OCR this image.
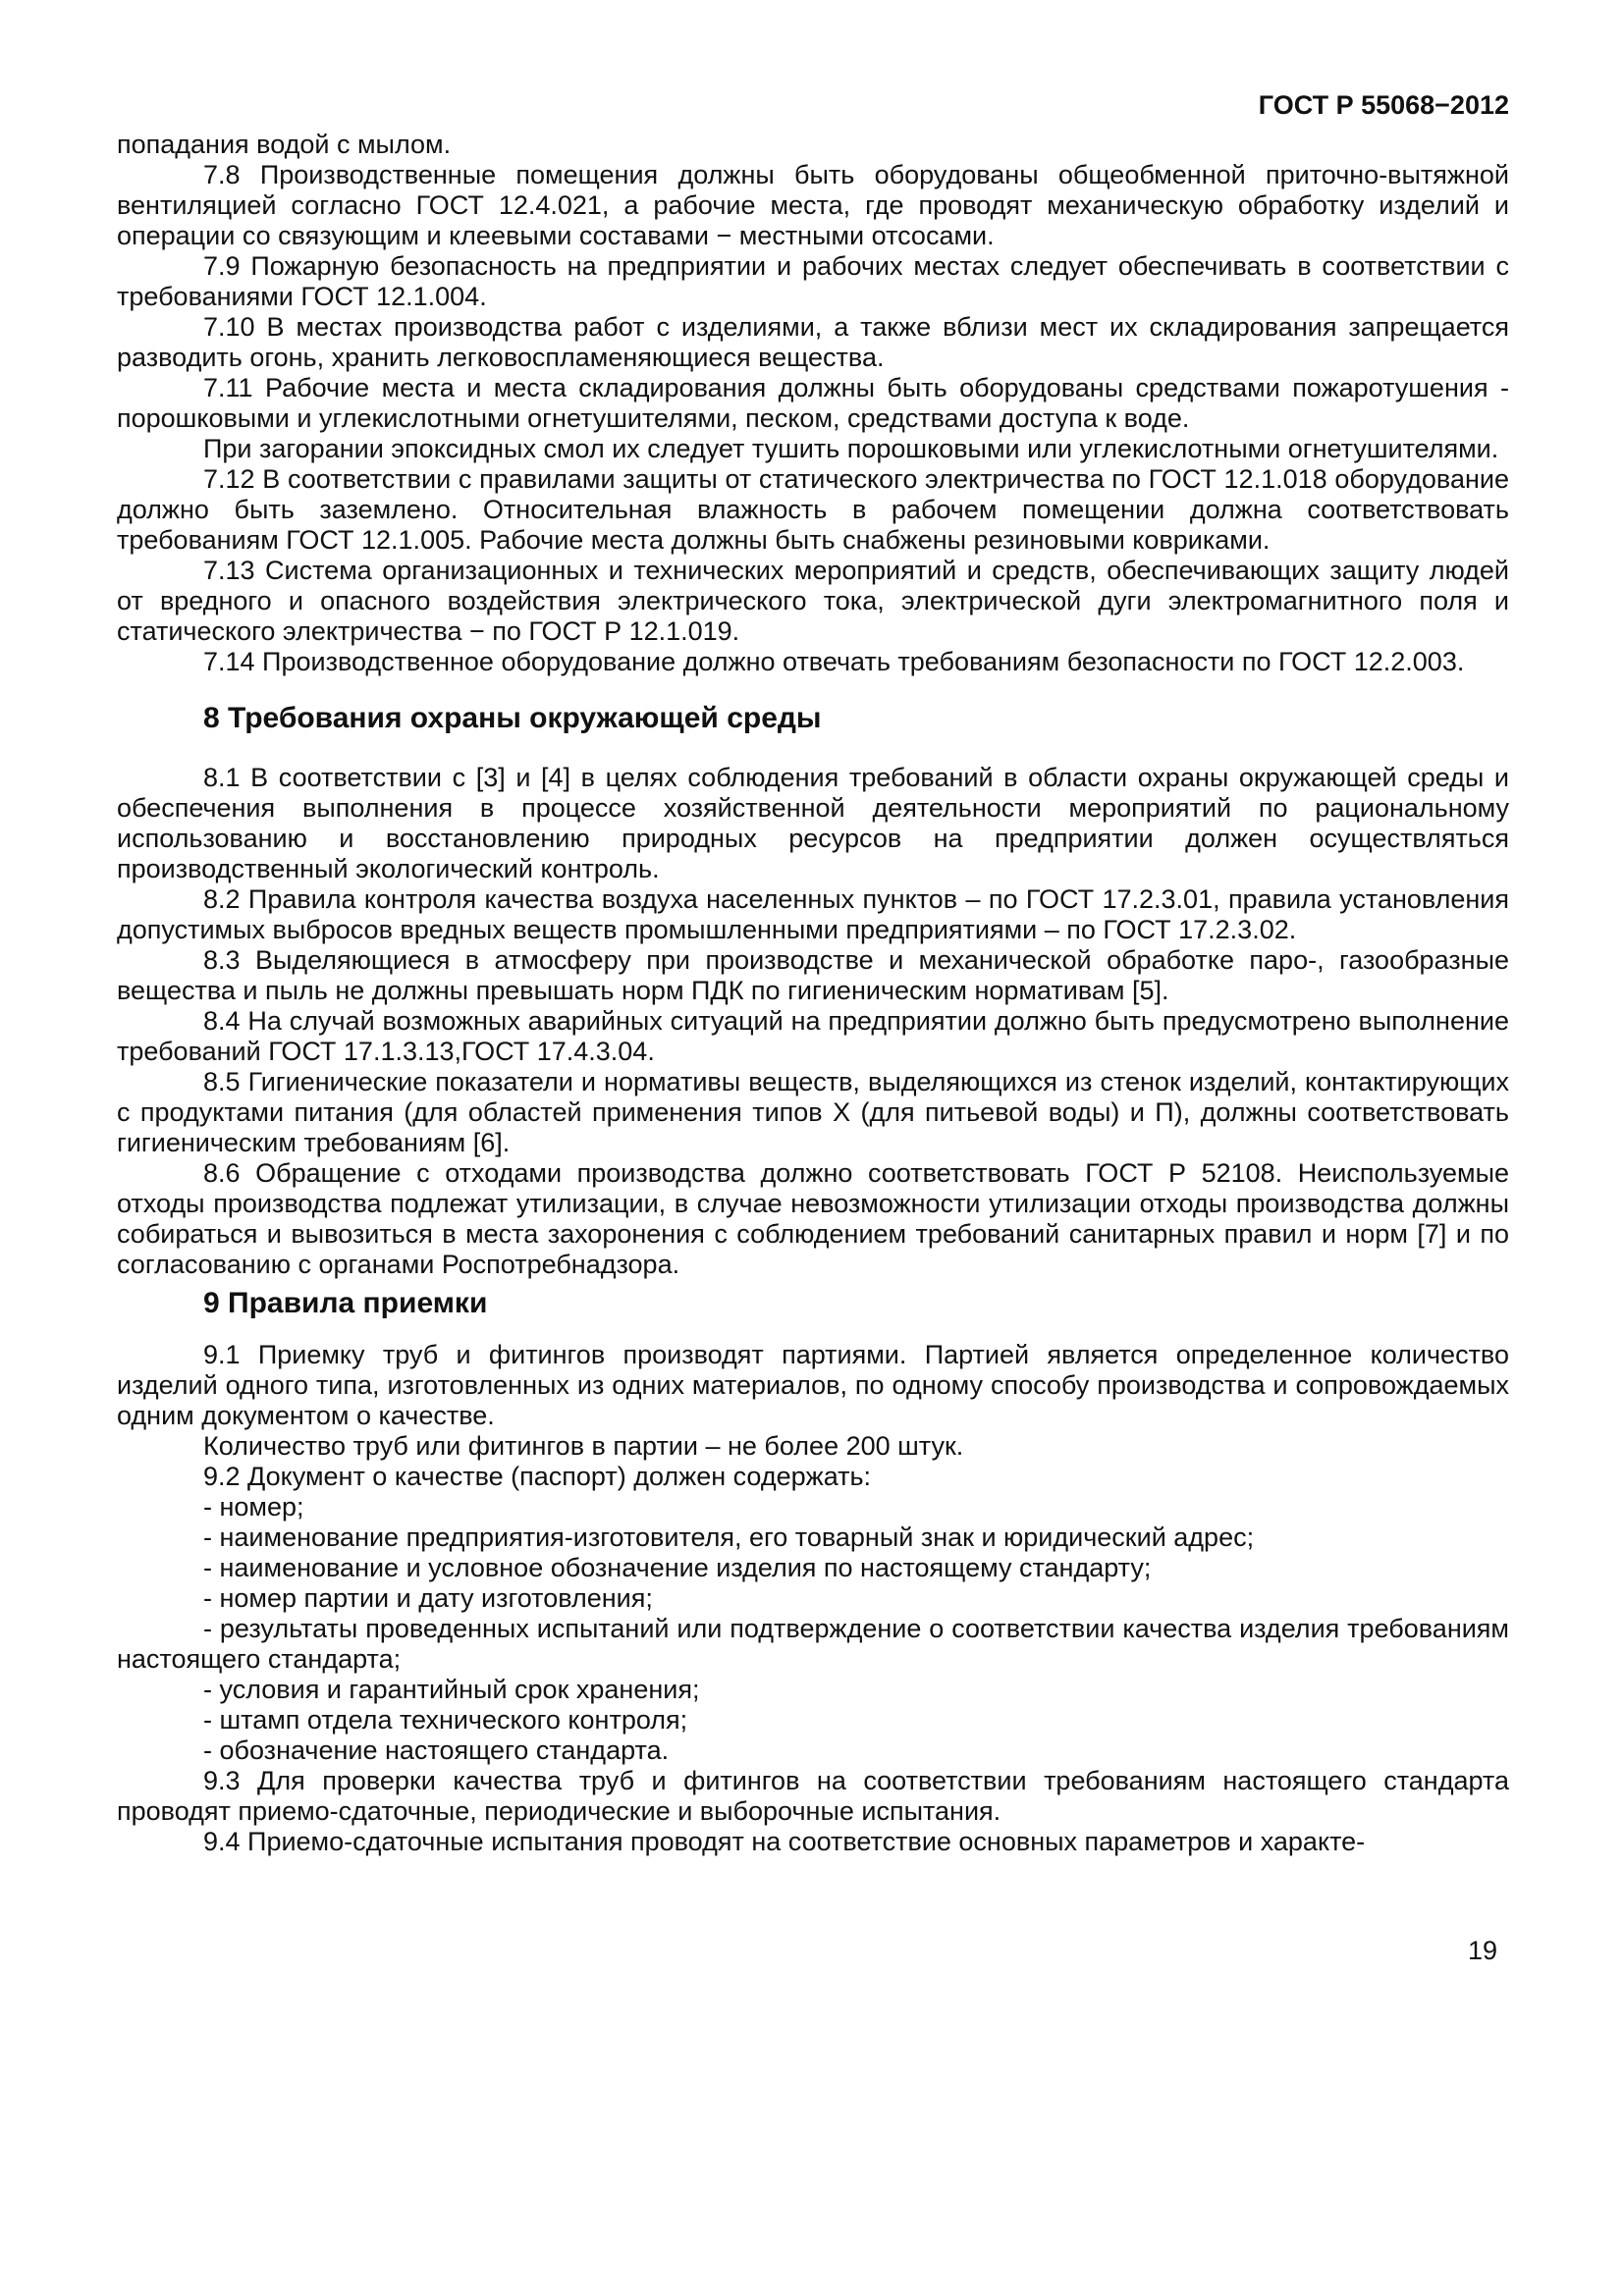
ГОСТ Р 55068−2012

попадания водой с мылом.

7.8 Производственные помещения должны быть оборудованы общеобменной приточно-вытяжной вентиляцией согласно ГОСТ 12.4.021, а рабочие места, где проводят механическую обработку изделий и операции со связующим и клеевыми составами − местными отсосами.

7.9 Пожарную безопасность на предприятии и рабочих местах следует обеспечивать в соответствии с требованиями ГОСТ 12.1.004.

7.10 В местах производства работ с изделиями, а также вблизи мест их складирования запрещается разводить огонь, хранить легковоспламеняющиеся вещества.

7.11 Рабочие места и места складирования должны быть оборудованы средствами пожаротушения - порошковыми и углекислотными огнетушителями, песком, средствами доступа к воде.

При загорании эпоксидных смол их следует тушить порошковыми или углекислотными огнетушителями.

7.12 В соответствии с правилами защиты от статического электричества по ГОСТ 12.1.018 оборудование должно быть заземлено. Относительная влажность в рабочем помещении должна соответствовать требованиям ГОСТ 12.1.005. Рабочие места должны быть снабжены резиновыми ковриками.

7.13 Система организационных и технических мероприятий и средств, обеспечивающих защиту людей от вредного и опасного воздействия электрического тока, электрической дуги электромагнитного поля и статического электричества − по ГОСТ Р 12.1.019.

7.14 Производственное оборудование должно отвечать требованиям безопасности по ГОСТ 12.2.003.

8 Требования охраны окружающей среды

8.1 В соответствии с [3] и [4] в целях соблюдения требований в области охраны окружающей среды и обеспечения выполнения в процессе хозяйственной деятельности мероприятий по рациональному использованию и восстановлению природных ресурсов на предприятии должен осуществляться производственный экологический контроль.

8.2 Правила контроля качества воздуха населенных пунктов – по ГОСТ 17.2.3.01, правила установления допустимых выбросов вредных веществ промышленными предприятиями – по ГОСТ 17.2.3.02.

8.3 Выделяющиеся в атмосферу при производстве и механической обработке паро-, газообразные вещества и пыль не должны превышать норм ПДК по гигиеническим нормативам [5].

8.4 На случай возможных аварийных ситуаций на предприятии должно быть предусмотрено выполнение требований ГОСТ 17.1.3.13,ГОСТ 17.4.3.04.

8.5 Гигиенические показатели и нормативы веществ, выделяющихся из стенок изделий, контактирующих с продуктами питания (для областей применения типов X (для питьевой воды) и П), должны соответствовать гигиеническим требованиям [6].

8.6 Обращение с отходами производства должно соответствовать ГОСТ Р 52108. Неиспользуемые отходы производства подлежат утилизации, в случае невозможности утилизации отходы производства должны собираться и вывозиться в места захоронения с соблюдением требований санитарных правил и норм [7] и по согласованию с органами Роспотребнадзора.

9 Правила приемки

9.1 Приемку труб и фитингов производят партиями. Партией является определенное количество изделий одного типа, изготовленных из одних материалов, по одному способу производства и сопровождаемых одним документом о качестве.

Количество труб или фитингов в партии – не более 200 штук.

9.2 Документ о качестве (паспорт) должен содержать:

- номер;

- наименование предприятия-изготовителя, его товарный знак и юридический адрес;

- наименование и условное обозначение изделия по настоящему стандарту;

- номер партии и дату изготовления;

- результаты проведенных испытаний или подтверждение о соответствии качества изделия требованиям настоящего стандарта;

- условия и гарантийный срок хранения;

- штамп отдела технического контроля;

- обозначение настоящего стандарта.

9.3 Для проверки качества труб и фитингов на соответствии требованиям настоящего стандарта проводят приемо-сдаточные, периодические и выборочные испытания.

9.4 Приемо-сдаточные испытания проводят на соответствие основных параметров и характе-

19
